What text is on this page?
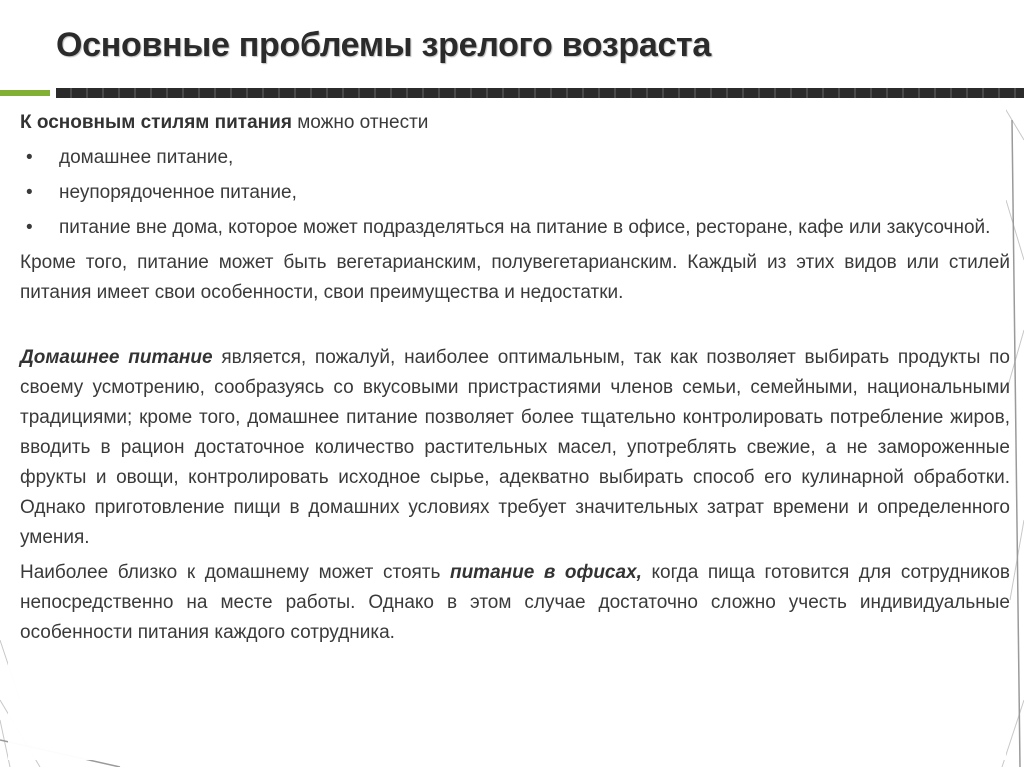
Основные проблемы зрелого возраста

К основным стилям питания можно отнести

• домашнее питание,
• неупорядоченное питание,
• питание вне дома, которое может подразделяться на питание в офисе, ресторане, кафе или закусочной.

Кроме того, питание может быть вегетарианским, полувегетарианским. Каждый из этих видов или стилей питания имеет свои особенности, свои преимущества и недостатки.

Домашнее питание является, пожалуй, наиболее оптимальным, так как позволяет выбирать продукты по своему усмотрению, сообразуясь со вкусовыми пристрастиями членов семьи, семейными, национальными традициями; кроме того, домашнее питание позволяет более тщательно контролировать потребление жиров, вводить в рацион достаточное количество растительных масел, употреблять свежие, а не замороженные фрукты и овощи, контролировать исходное сырье, адекватно выбирать способ его кулинарной обработки. Однако приготовление пищи в домашних условиях требует значительных затрат времени и определенного умения.

Наиболее близко к домашнему может стоять питание в офисах, когда пища готовится для сотрудников непосредственно на месте работы. Однако в этом случае достаточно сложно учесть индивидуальные особенности питания каждого сотрудника.
